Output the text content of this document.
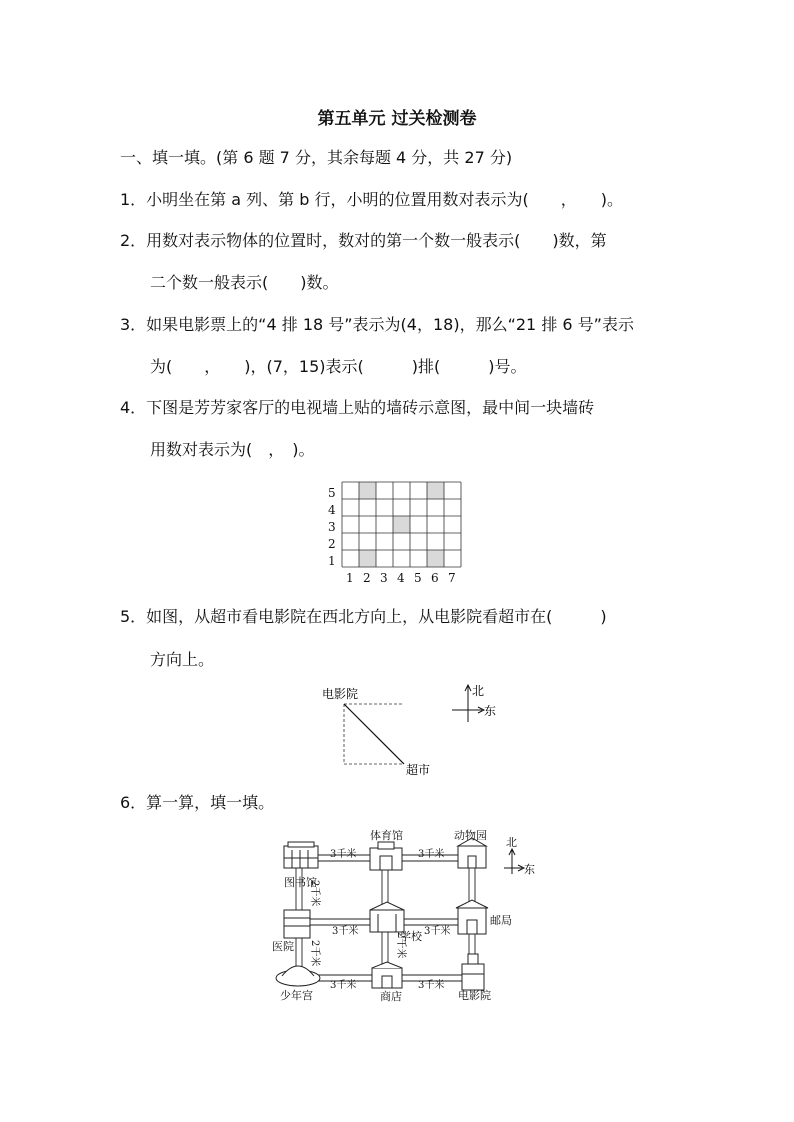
第五单元 过关检测卷
一、填一填。(第 6 题 7 分，其余每题 4 分，共 27 分)
1．小明坐在第 a 列、第 b 行，小明的位置用数对表示为(　　，　　)。
2．用数对表示物体的位置时，数对的第一个数一般表示(　　)数，第
二个数一般表示(　　)数。
3．如果电影票上的“4 排 18 号”表示为(4，18)，那么“21 排 6 号”表示
为(　　，　　)，(7，15)表示(　　　)排(　　　)号。
4．下图是芳芳家客厅的电视墙上贴的墙砖示意图，最中间一块墙砖
用数对表示为(　，　)。
5
4
3
2
1
1 2 3 4 5 6 7
5．如图，从超市看电影院在西北方向上，从电影院看超市在(　　　)
方向上。
电影院
超市
北
东
6．算一算，填一填。
3千米	3千米
3千米	3千米
3千米	3千米
2千米
2千米	2千米
体育馆	动物园
图书馆
医院
学校
邮局
少年宫	商店	电影院
北
东
